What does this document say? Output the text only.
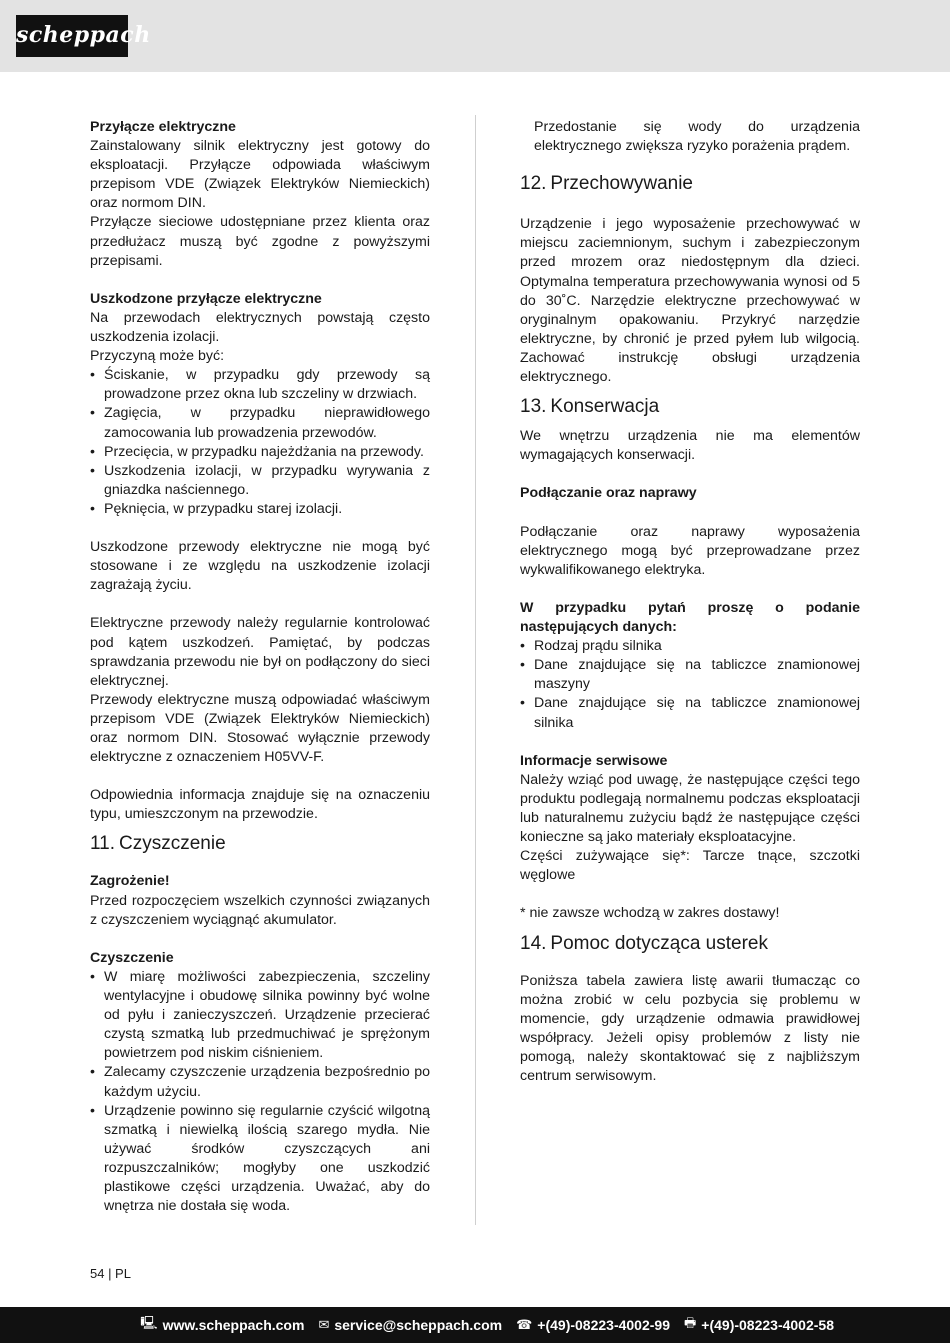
scheppach

Przyłącze elektryczne

Zainstalowany silnik elektryczny jest gotowy do eksploatacji. Przyłącze odpowiada właściwym przepisom VDE (Związek Elektryków Niemieckich) oraz normom DIN.

Przyłącze sieciowe udostępniane przez klienta oraz przedłużacz muszą być zgodne z powyższymi przepisami.

Uszkodzone przyłącze elektryczne

Na przewodach elektrycznych powstają często uszkodzenia izolacji.

Przyczyną może być:

• Ściskanie, w przypadku gdy przewody są prowadzone przez okna lub szczeliny w drzwiach.
• Zagięcia, w przypadku nieprawidłowego zamocowania lub prowadzenia przewodów.
• Przecięcia, w przypadku najeżdżania na przewody.
• Uszkodzenia izolacji, w przypadku wyrywania z gniazdka naściennego.
• Pęknięcia, w przypadku starej izolacji.

Uszkodzone przewody elektryczne nie mogą być stosowane i ze względu na uszkodzenie izolacji zagrażają życiu.

Elektryczne przewody należy regularnie kontrolować pod kątem uszkodzeń. Pamiętać, by podczas sprawdzania przewodu nie był on podłączony do sieci elektrycznej.

Przewody elektryczne muszą odpowiadać właściwym przepisom VDE (Związek Elektryków Niemieckich) oraz normom DIN. Stosować wyłącznie przewody elektryczne z oznaczeniem H05VV-F.

Odpowiednia informacja znajduje się na oznaczeniu typu, umieszczonym na przewodzie.

11. Czyszczenie

Zagrożenie!

Przed rozpoczęciem wszelkich czynności związanych z czyszczeniem wyciągnąć akumulator.

Czyszczenie

• W miarę możliwości zabezpieczenia, szczeliny wentylacyjne i obudowę silnika powinny być wolne od pyłu i zanieczyszczeń. Urządzenie przecierać czystą szmatką lub przedmuchiwać je sprężonym powietrzem pod niskim ciśnieniem.
• Zalecamy czyszczenie urządzenia bezpośrednio po każdym użyciu.
• Urządzenie powinno się regularnie czyścić wilgotną szmatką i niewielką ilością szarego mydła. Nie używać środków czyszczących ani rozpuszczalników; mogłyby one uszkodzić plastikowe części urządzenia. Uważać, aby do wnętrza nie dostała się woda.

Przedostanie się wody do urządzenia elektrycznego zwiększa ryzyko porażenia prądem.

12. Przechowywanie

Urządzenie i jego wyposażenie przechowywać w miejscu zaciemnionym, suchym i zabezpieczonym przed mrozem oraz niedostępnym dla dzieci. Optymalna temperatura przechowywania wynosi od 5 do 30˚C. Narzędzie elektryczne przechowywać w oryginalnym opakowaniu. Przykryć narzędzie elektryczne, by chronić je przed pyłem lub wilgocią. Zachować instrukcję obsługi urządzenia elektrycznego.

13. Konserwacja

We wnętrzu urządzenia nie ma elementów wymagających konserwacji.

Podłączanie oraz naprawy

Podłączanie oraz naprawy wyposażenia elektrycznego mogą być przeprowadzane przez wykwalifikowanego elektryka.

W przypadku pytań proszę o podanie następujących danych:

• Rodzaj prądu silnika
• Dane znajdujące się na tabliczce znamionowej maszyny
• Dane znajdujące się na tabliczce znamionowej silnika

Informacje serwisowe

Należy wziąć pod uwagę, że następujące części tego produktu podlegają normalnemu podczas eksploatacji lub naturalnemu zużyciu bądź że następujące części konieczne są jako materiały eksploatacyjne.

Części zużywające się*: Tarcze tnące, szczotki węglowe

* nie zawsze wchodzą w zakres dostawy!

14. Pomoc dotycząca usterek

Poniższa tabela zawiera listę awarii tłumacząc co można zrobić w celu pozbycia się problemu w momencie, gdy urządzenie odmawia prawidłowej współpracy. Jeżeli opisy problemów z listy nie pomogą, należy skontaktować się z najbliższym centrum serwisowym.

54 | PL
🖳 www.scheppach.com ✉ service@scheppach.com ☎ +(49)-08223-4002-99 🖶 +(49)-08223-4002-58
